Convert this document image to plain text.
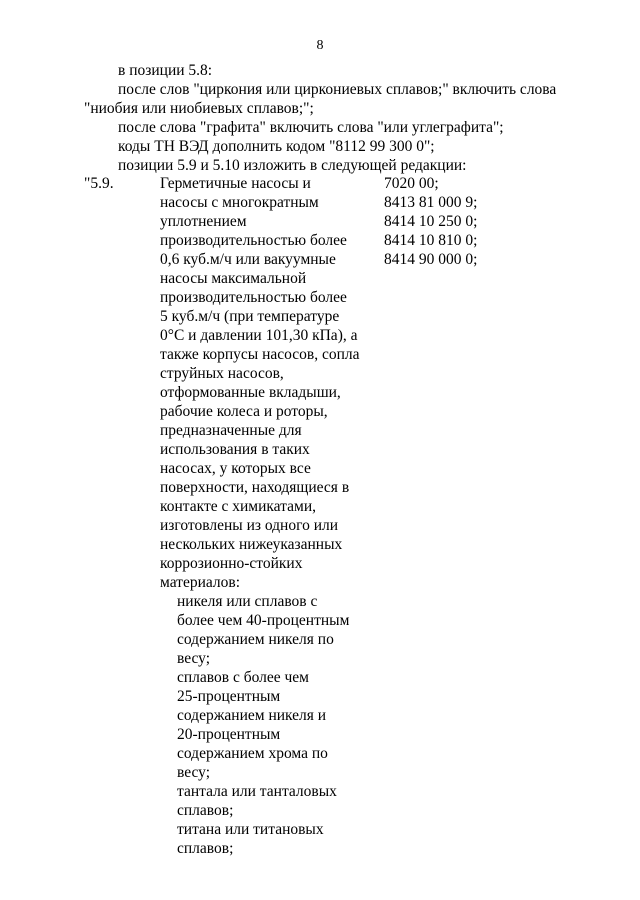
8
в позиции 5.8:
после слов "циркония или циркониевых сплавов;" включить слова
"ниобия или ниобиевых сплавов;";
после слова "графита" включить слова "или углеграфита";
коды ТН ВЭД дополнить кодом "8112 99 300 0";
позиции 5.9 и 5.10 изложить в следующей редакции:
"5.9.	Герметичные насосы и
насосы с многократным
уплотнением
производительностью более
0,6 куб.м/ч или вакуумные
насосы максимальной
производительностью более
5 куб.м/ч (при температуре
0°C и давлении 101,30 кПа), а
также корпусы насосов, сопла
струйных насосов,
отформованные вкладыши,
рабочие колеса и роторы,
предназначенные для
использования в таких
насосах, у которых все
поверхности, находящиеся в
контакте с химикатами,
изготовлены из одного или
нескольких нижеуказанных
коррозионно-стойких
материалов:
7020 00;
8413 81 000 9;
8414 10 250 0;
8414 10 810 0;
8414 90 000 0;
никеля или сплавов с
более чем 40-процентным
содержанием никеля по
весу;
сплавов с более чем
25-процентным
содержанием никеля и
20-процентным
содержанием хрома по
весу;
тантала или танталовых
сплавов;
титана или титановых
сплавов;
